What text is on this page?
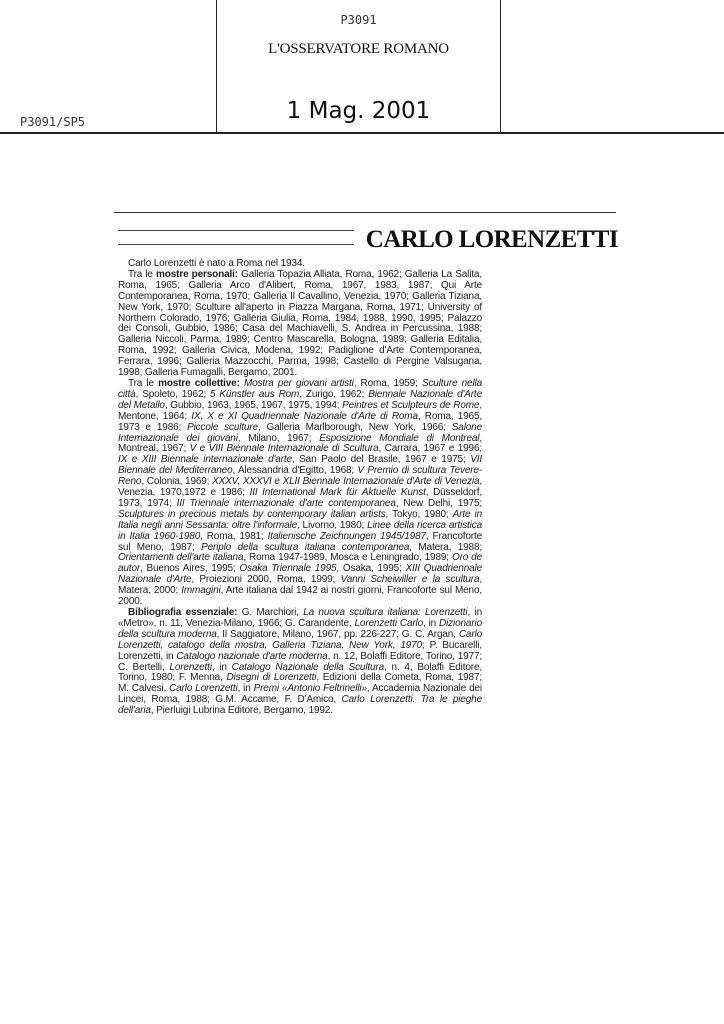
P3091
L'OSSERVATORE ROMANO
1 Mag. 2001
P3091/SP5
CARLO LORENZETTI

Carlo Lorenzetti è nato a Roma nel 1934.

Tra le mostre personali: Galleria Topazia Alliata, Roma, 1962; Galleria La Salita, Roma, 1965; Galleria Arco d'Alibert, Roma, 1967, 1983, 1987; Qui Arte Contemporanea, Roma, 1970; Galleria Il Cavallino, Venezia, 1970; Galleria Tiziana, New York, 1970; Sculture all'aperto in Piazza Margana, Roma, 1971; University of Northern Colorado, 1976; Galleria Giulia, Roma, 1984, 1988, 1990, 1995; Palazzo dei Consoli, Gubbio, 1986; Casa del Machiavelli, S. Andrea in Percussina, 1988; Galleria Niccoli, Parma, 1989; Centro Mascarella, Bologna, 1989; Galleria Editalia, Roma, 1992; Galleria Civica, Modena, 1992; Padiglione d'Arte Contemporanea, Ferrara, 1996; Galleria Mazzocchi, Parma, 1998; Castello di Pergine Valsugana, 1998; Galleria Fumagalli, Bergamo, 2001.

Tra le mostre collettive: Mostra per giovani artisti, Roma, 1959; Sculture nella città, Spoleto, 1962; 5 Künstler aus Rom, Zurigo, 1962; Biennale Nazionale d'Arte del Metallo, Gubbio, 1963, 1965, 1967, 1975, 1994; Peintres et Sculpteurs de Rome, Mentone, 1964; IX, X e XI Quadriennale Nazionale d'Arte di Roma, Roma, 1965, 1973 e 1986; Piccole sculture, Galleria Marlborough, New York, 1966; Salone Internazionale dei giovani, Milano, 1967; Esposizione Mondiale di Montreal, Montreal, 1967; V e VIII Biennale Internazionale di Scultura, Carrara, 1967 e 1996; IX e XIII Biennale internazionale d'arte, San Paolo del Brasile, 1967 e 1975; VII Biennale del Mediterraneo, Alessandria d'Egitto, 1968; V Premio di scultura Tevere-Reno, Colonia, 1969; XXXV, XXXVI e XLII Biennale Internazionale d'Arte di Venezia, Venezia, 1970,1972 e 1986; III International Mark für Aktuelle Kunst, Düsseldorf, 1973, 1974; III Triennale internazionale d'arte contemporanea, New Delhi, 1975; Sculptures in precious metals by contemporary italian artists, Tokyo, 1980; Arte in Italia negli anni Sessanta: oltre l'informale, Livorno, 1980; Linee della ricerca artistica in Italia 1960-1980, Roma, 1981; Italienische Zeichnungen 1945/1987, Francoforte sul Meno, 1987; Periplo della scultura italiana contemporanea, Matera, 1988; Orientamenti dell'arte italiana, Roma 1947-1989, Mosca e Leningrado, 1989; Oro de autor, Buenos Aires, 1995; Osaka Triennale 1995, Osaka, 1995; XIII Quadriennale Nazionale d'Arte, Proiezioni 2000, Roma, 1999; Vanni Scheiwiller e la scultura, Matera, 2000; Immagini, Arte italiana dal 1942 ai nostri giorni, Francoforte sul Meno, 2000.

Bibliografia essenziale: G. Marchiori, La nuova scultura italiana: Lorenzetti, in «Metro», n. 11, Venezia-Milano, 1966; G. Carandente, Lorenzetti Carlo, in Dizionario della scultura moderna, Il Saggiatore, Milano, 1967, pp. 226-227; G. C. Argan, Carlo Lorenzetti, catalogo della mostra, Galleria Tiziana, New York, 1970; P. Bucarelli, Lorenzetti, in Catalogo nazionale d'arte moderna, n. 12, Bolaffi Editore, Torino, 1977; C. Bertelli, Lorenzetti, in Catalogo Nazionale della Scultura, n. 4, Bolaffi Editore, Torino, 1980; F. Menna, Disegni di Lorenzetti, Edizioni della Cometa, Roma, 1987; M. Calvesi, Carlo Lorenzetti, in Premi «Antonio Feltrinelli», Accademia Nazionale dei Lincei, Roma, 1988; G.M. Accame, F. D'Amico, Carlo Lorenzetti. Tra le pieghe dell'aria, Pierluigi Lubrina Editore, Bergamo, 1992.
